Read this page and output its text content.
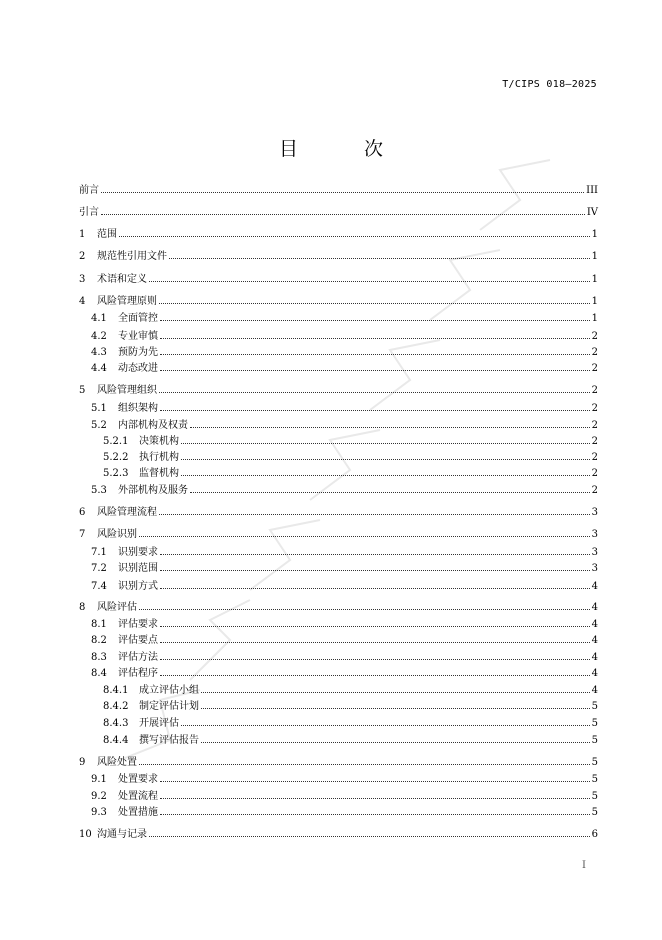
T/CIPS 018—2025
目 次
前言	III
引言	IV
1	范围	1
2	规范性引用文件	1
3	术语和定义	1
4	风险管理原则	1
4.1	全面管控	1
4.2	专业审慎	2
4.3	预防为先	2
4.4	动态改进	2
5	风险管理组织	2
5.1	组织架构	2
5.2	内部机构及权责	2
5.2.1	决策机构	2
5.2.2	执行机构	2
5.2.3	监督机构	2
5.3	外部机构及服务	2
6	风险管理流程	3
7	风险识别	3
7.1	识别要求	3
7.2	识别范围	3
7.4	识别方式	4
8	风险评估	4
8.1	评估要求	4
8.2	评估要点	4
8.3	评估方法	4
8.4	评估程序	4
8.4.1	成立评估小组	4
8.4.2	制定评估计划	5
8.4.3	开展评估	5
8.4.4	撰写评估报告	5
9	风险处置	5
9.1	处置要求	5
9.2	处置流程	5
9.3	处置措施	5
10 沟通与记录	6
I
